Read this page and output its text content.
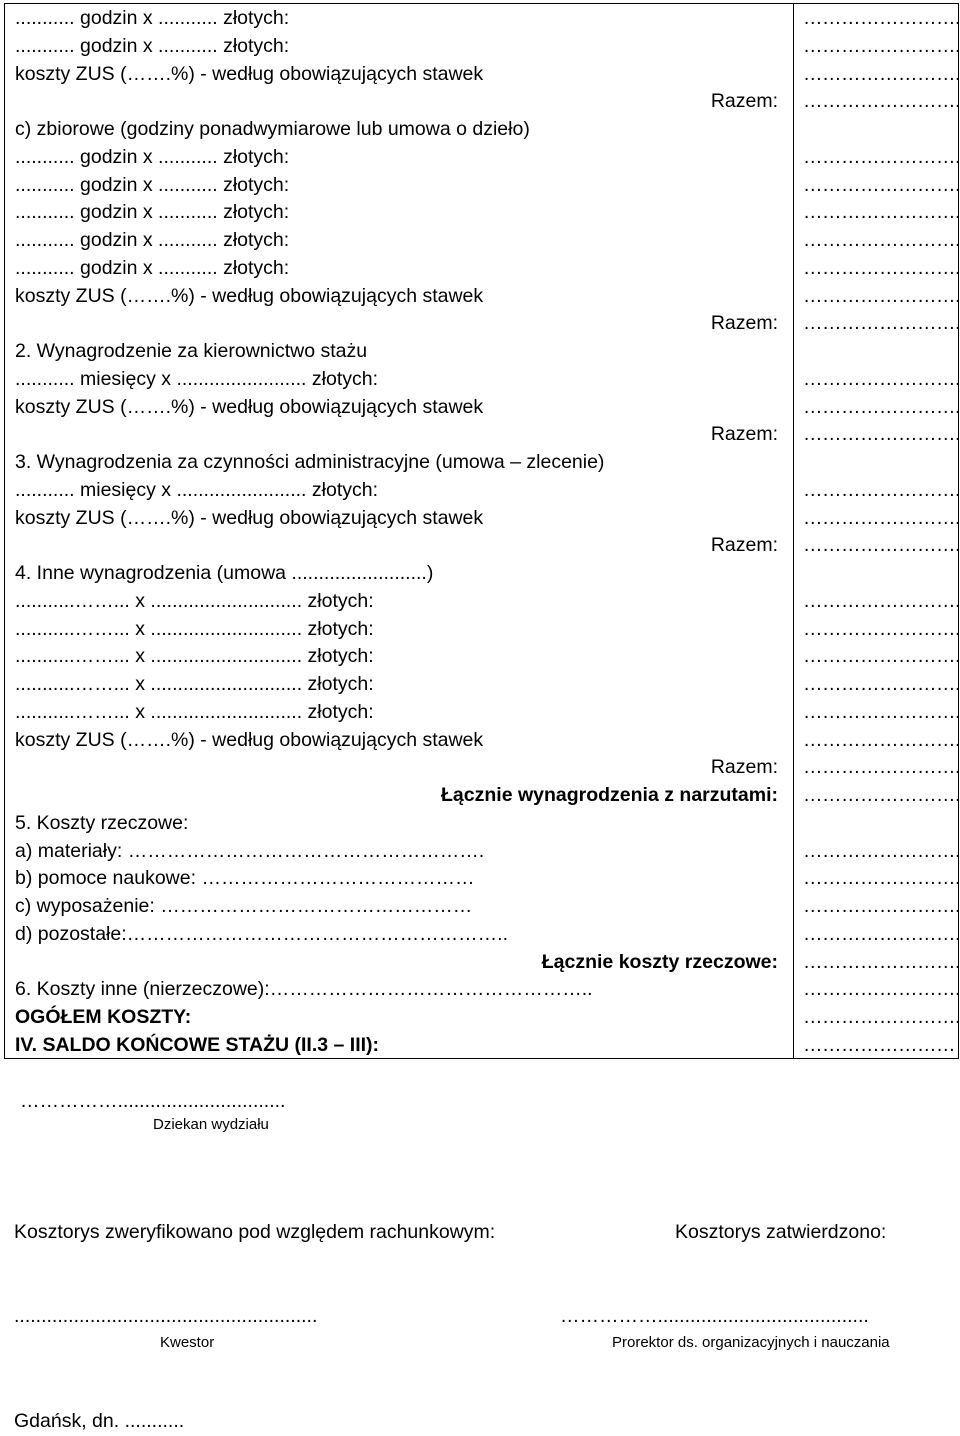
........... godzin x ........... złotych:	…………………….
........... godzin x ........... złotych:	…………………….
koszty ZUS (…….%) - według obowiązujących stawek	…………………….
Razem: …………………….
c) zbiorowe (godziny ponadwymiarowe lub umowa o dzieło)
........... godzin x ........... złotych:	…………………….
........... godzin x ........... złotych:	…………………….
........... godzin x ........... złotych:	…………………….
........... godzin x ........... złotych:	…………………….
........... godzin x ........... złotych:	…………………….
koszty ZUS (…….%) - według obowiązujących stawek	…………………….
Razem: …………………….
2. Wynagrodzenie za kierownictwo stażu
........... miesięcy x ........................ złotych:	…………………….
koszty ZUS (…….%) - według obowiązujących stawek	…………………….
Razem: …………………….
3. Wynagrodzenia za czynności administracyjne (umowa – zlecenie)
........... miesięcy x ........................ złotych:	…………………….
koszty ZUS (…….%) - według obowiązujących stawek	…………………….
Razem: …………………….
4. Inne wynagrodzenia (umowa .........................)
...........……... x ............................ złotych:	…………………….
...........……... x ............................ złotych:	…………………….
...........……... x ............................ złotych:	…………………….
...........……... x ............................ złotych:	…………………….
...........……... x ............................ złotych:	…………………….
koszty ZUS (…….%) - według obowiązujących stawek	…………………….
Razem: …………………….
Łącznie wynagrodzenia z narzutami: …………………….
5. Koszty rzeczowe:
a) materiały: ……………………………………………….	…………………….
b) pomoce naukowe: ……………………………………	…………………….
c) wyposażenie: …………………………………………	…………………….
d) pozostałe:…………………………………………………..	…………………….
Łącznie koszty rzeczowe: …………………….
6. Koszty inne (nierzeczowe):…………………………………………..	…………………….
OGÓŁEM KOSZTY:	…………………….
IV. SALDO KOŃCOWE STAŻU (II.3 – III):	……………………
……………...............................
Dziekan wydziału
Kosztorys zweryfikowano pod względem rachunkowym:	Kosztorys zatwierdzono:
........................................................
Kwestor
…………….......................................
Prorektor ds. organizacyjnych i nauczania
Gdańsk, dn. ...........
